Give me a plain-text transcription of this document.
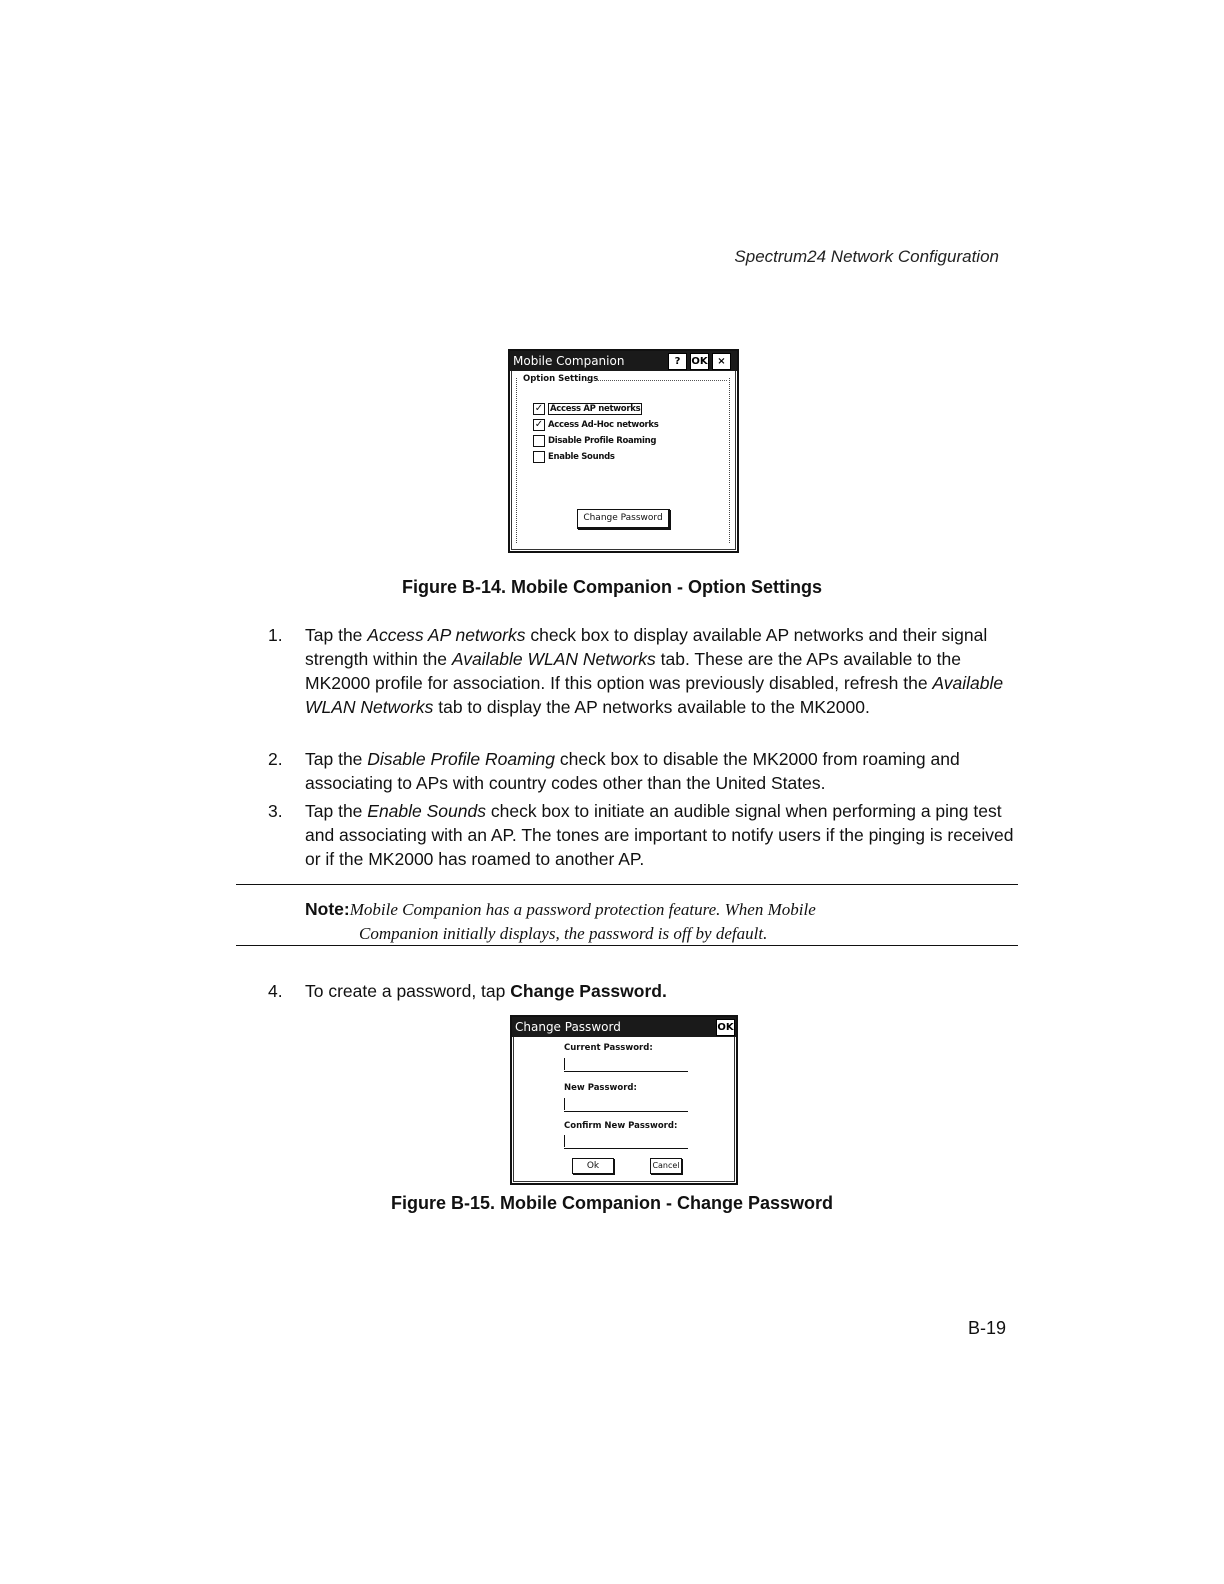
Spectrum24 Network Configuration
Mobile Companion	?	OK ×
Option Settings
✓ Access AP networks
✓ Access Ad-Hoc networks
Disable Profile Roaming
Enable Sounds
Change Password
Figure B-14. Mobile Companion - Option Settings
1.	Tap the Access AP networks check box to display available AP networks and their signal strength within the Available WLAN Networks tab. These are the APs available to the MK2000 profile for association. If this option was previously disabled, refresh the Available WLAN Networks tab to display the AP networks available to the MK2000.
2.	Tap the Disable Profile Roaming check box to disable the MK2000 from roaming and associating to APs with country codes other than the United States.
3.	Tap the Enable Sounds check box to initiate an audible signal when performing a ping test and associating with an AP. The tones are important to notify users if the pinging is received or if the MK2000 has roamed to another AP.
Note:Mobile Companion has a password protection feature. When Mobile
Companion initially displays, the password is off by default.
4.	To create a password, tap Change Password.
Change Password	OK
Current Password:
New Password:
Confirm New Password:
Ok	Cancel
Figure B-15. Mobile Companion - Change Password
B-19
